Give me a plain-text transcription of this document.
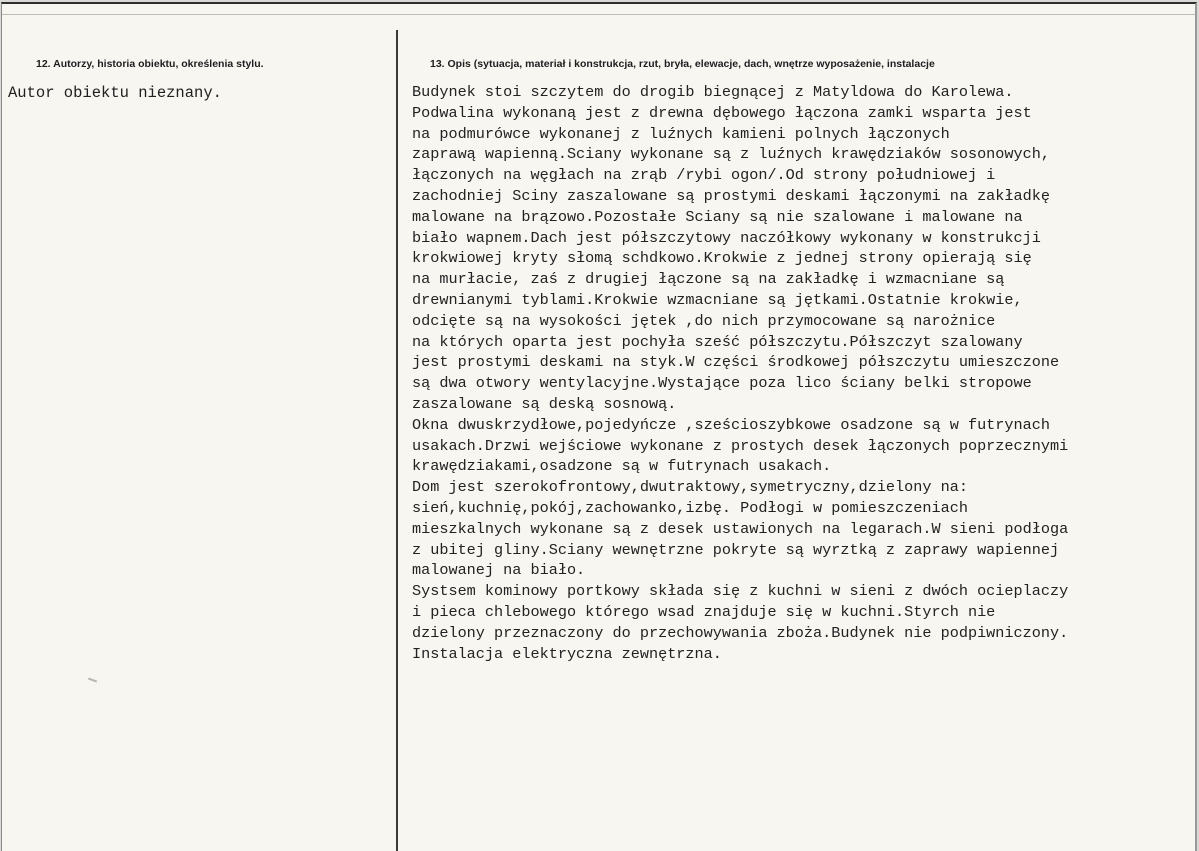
12. Autorzy, historia obiektu, określenia stylu.
Autor obiektu nieznany.
13. Opis (sytuacja, materiał i konstrukcja, rzut, bryła, elewacje, dach, wnętrze wyposażenie, instalacje
Budynek stoi szczytem do drogib biegnącej z Matyldowa do Karolewa.
Podwalina wykonaną jest z drewna dębowego łączona zamki wsparta jest
na podmurówce wykonanej z luźnych kamieni polnych łączonych
zaprawą wapienną.Sciany wykonane są z luźnych krawędziaków sosonowych,
łączonych na węgłach na zrąb /rybi ogon/.Od strony południowej i
zachodniej Sciny zaszalowane są prostymi deskami łączonymi na zakładkę
malowane na brązowo.Pozostałe Sciany są nie szalowane i malowane na
biało wapnem.Dach jest półszczytowy naczółkowy wykonany w konstrukcji
krokwiowej kryty słomą schdkowo.Krokwie z jednej strony opierają się
na murłacie, zaś z drugiej łączone są na zakładkę i wzmacniane są
drewnianymi tyblami.Krokwie wzmacniane są jętkami.Ostatnie krokwie,
odcięte są na wysokości jętek ,do nich przymocowane są narożnice
na których oparta jest pochyła sześć półszczytu.Półszczyt szalowany
jest prostymi deskami na styk.W części środkowej półszczytu umieszczone
są dwa otwory wentylacyjne.Wystające poza lico ściany belki stropowe
zaszalowane są deską sosnową.
Okna dwuskrzydłowe,pojedyńcze ,sześcioszybkowe osadzone są w futrynach
usakach.Drzwi wejściowe wykonane z prostych desek łączonych poprzecznymi
krawędziakami,osadzone są w futrynach usakach.
Dom jest szerokofrontowy,dwutraktowy,symetryczny,dzielony na:
sień,kuchnię,pokój,zachowanko,izbę. Podłogi w pomieszczeniach
mieszkalnych wykonane są z desek ustawionych na legarach.W sieni podłoga
z ubitej gliny.Sciany wewnętrzne pokryte są wyrztką z zaprawy wapiennej
malowanej na biało.
Systsem kominowy portkowy składa się z kuchni w sieni z dwóch ocieplaczy
i pieca chlebowego którego wsad znajduje się w kuchni.Styrch nie
dzielony przeznaczony do przechowywania zboża.Budynek nie podpiwniczony.
Instalacja elektryczna zewnętrzna.
